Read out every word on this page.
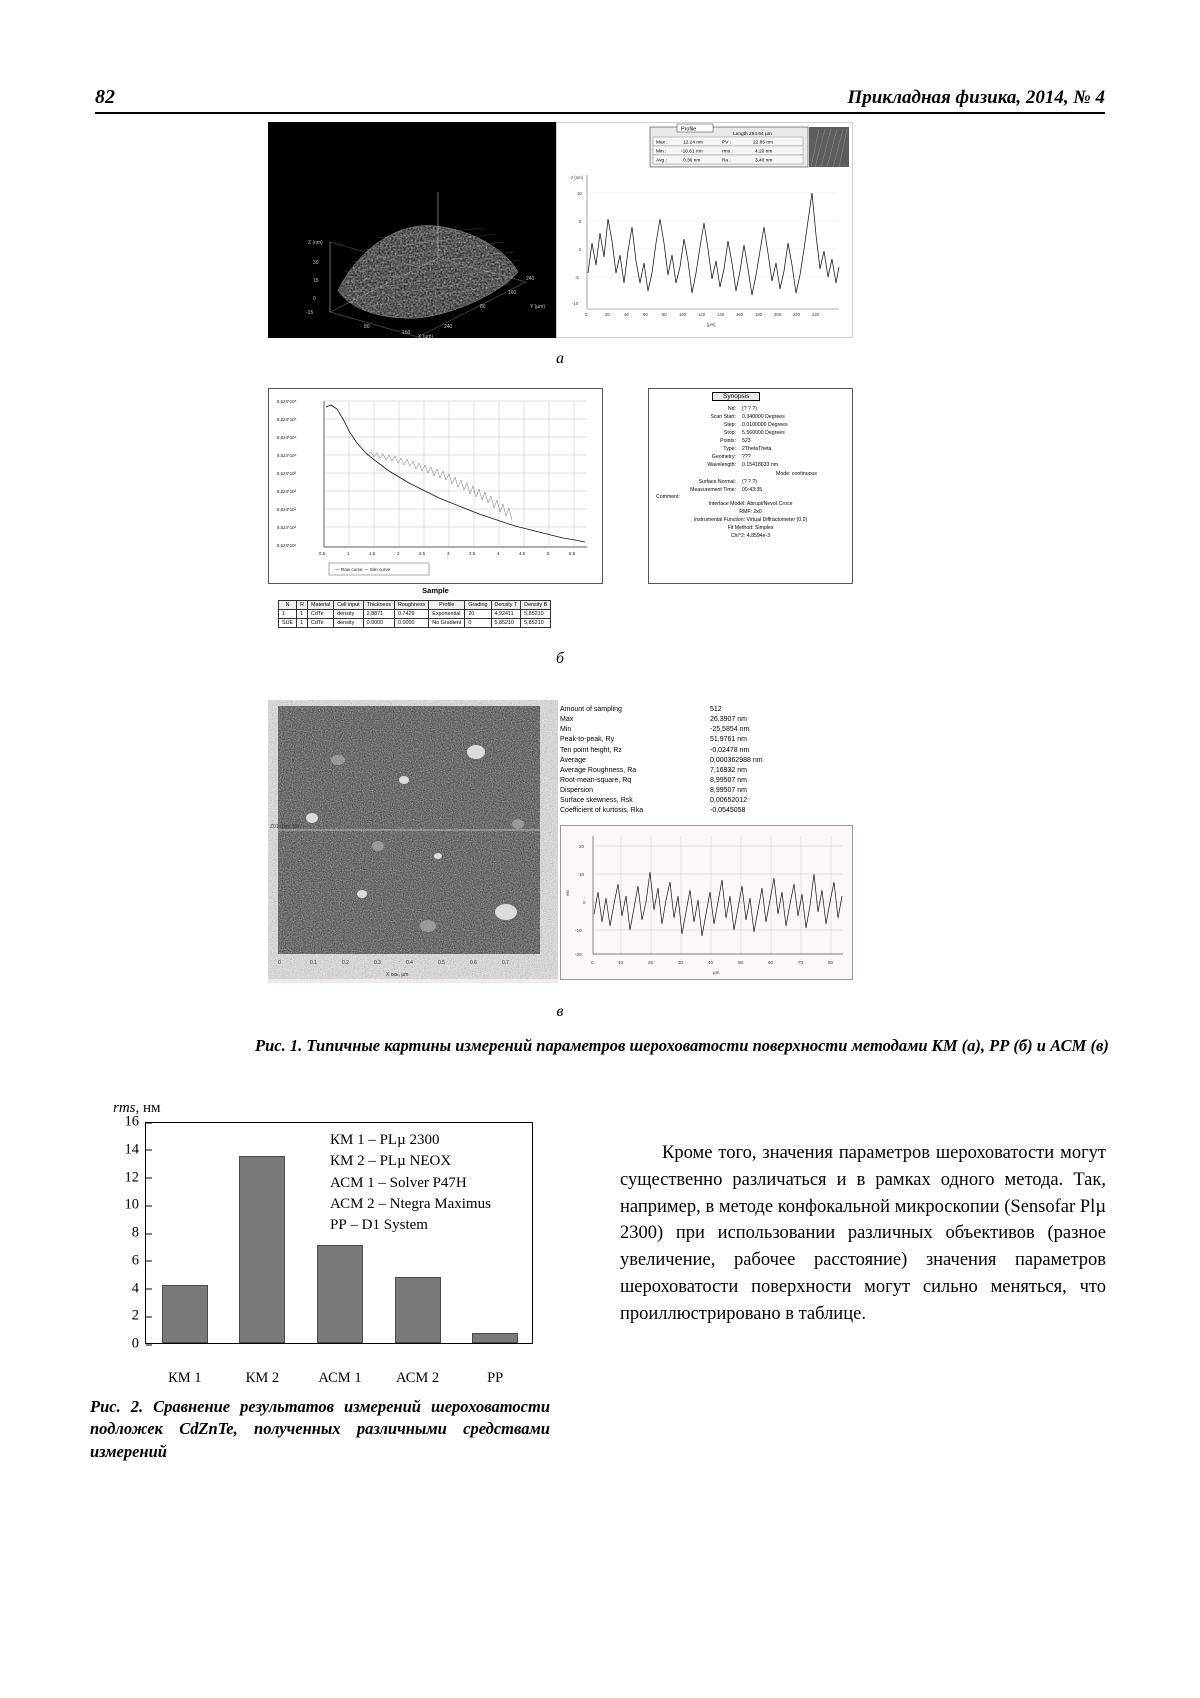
82	Прикладная физика, 2014, № 4
Z (nm)
30
15
0
-15
80
160
240
X (µm)
80
160
240
Y (µm)
Profile
Length 254.64 µm
Max :	12.24 nm	PV :	22.85 nm
Min :	-10.61 nm	rms :	4.20 nm
Avg :	0.36 nm	Ra :	3.40 nm
z (nm)
10
5
0
-5
-10
0	20	40	60	80	100	120	140	160	180	200	220	240
[µm]
а
8,624*10⁵
8,624*10⁵
8,624*10⁴
8,624*10⁴
8,624*10³
8,624*10³
8,624*10²
8,624*10²
8,624*10¹
0.5	1	1.5	2	2.5	3	3.5	4	4.5	5	5.5
— Raw curve — Sim curve
Synopsis
Nd:	(? ? ?)
Scan Start:	0.340000 Degrees
Step:	0.0100000 Degrees
Stop:	5.560000 Degrees
Points:	523
Type:	2ThetaTheta
Geometry:	???
Wavelength:	0.15418633 nm
Mode: continuous
Surface Normal:	(? ? ?)
Measurement Time:	00:43:35
Comment:
Interface Model: Abrupt/Nevot Croce
RMF: 2x0
Instrumental Function: Virtual Diffractometer (0.0)
Fit Method: Simplex
Chi^2: 4,8594e-3
Sample
N	R	Material	Cell input	Thickness	Roughness	Profile	Grading	Density T	Density B
1	1	CdTe	density	2,8871	0.7429	Exponential	20	4,92411	5,85210
SUE	1	CdTe	density	0.0000	0.0000	No Gradient	0	5,85210	5,85210
б
Z01 ((nm 16)
0	0.1	0.2	0.3	0.4	0.5	0.6	0.7
X ось, µm
Amount of sampling	512
Max	26,3907 nm
Min	-25,5854 nm
Peak-to-peak, Ry	51,9761 nm
Ten point height, Rz	-0,02478 nm
Average	0,000362988 nm
Average Roughness, Ra	7,16932 nm
Root-mean-square, Rq	8,99507 nm
Dispersion	8,99507 nm
Surface skewness, Rsk	0,00652012
Coefficient of kurtosis, Rka	-0,0545058
20
10
0
-10
-20
нм
0	10	20	30	40	50	60	70	80
µm
в
Рис. 1. Типичные картины измерений параметров шероховатости поверхности методами КМ (а), РР (б) и АСМ (в)
rms, нм
0
2
4
6
8
10
12
14
16
КМ 1	КМ 2	АСМ 1	АСМ 2	РР
КМ 1 – PLµ 2300
КМ 2 – PLµ NEOX
АСМ 1 – Solver P47H
АСМ 2 – Ntegra Maximus
РР – D1 System
Рис. 2. Сравнение результатов измерений шероховатости подложек CdZnTe, полученных различными средствами измерений
Кроме того, значения параметров шероховатости могут существенно различаться и в рамках одного метода. Так, например, в методе конфокальной микроскопии (Sensofar Plµ 2300) при использовании различных объективов (разное увеличение, рабочее расстояние) значения параметров шероховатости поверхности могут сильно меняться, что проиллюстрировано в таблице.
